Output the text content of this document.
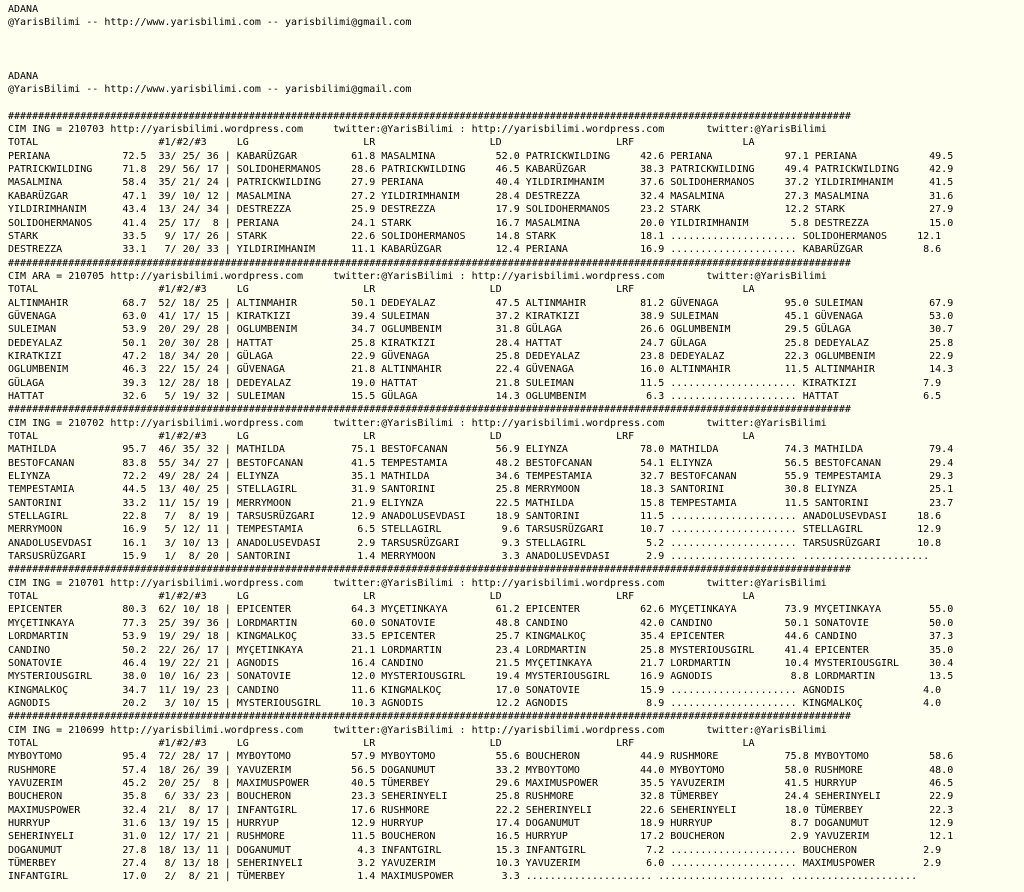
ADANA
@YarisBilimi -- http://www.yarisbilimi.com -- yarisbilimi@gmail.com
ADANA
@YarisBilimi -- http://www.yarisbilimi.com -- yarisbilimi@gmail.com
############################################################################################################################################
CIM ING = 210703 http://yarisbilimi.wordpress.com     twitter:@YarisBilimi : http://yarisbilimi.wordpress.com       twitter:@YarisBilimi
TOTAL                    #1/#2/#3     LG                   LR                   LD                   LRF                  LA
PERIANA            72.5  33/ 25/ 36 | KABARÜZGAR         61.8 MASALMINA          52.0 PATRICKWILDING     42.6 PERIANA            97.1 PERIANA            49.5
PATRICKWILDING     71.8  29/ 56/ 17 | SOLIDOHERMANOS     28.6 PATRICKWILDING     46.5 KABARÜZGAR         38.3 PATRICKWILDING     49.4 PATRICKWILDING     42.9
MASALMINA          58.4  35/ 21/ 24 | PATRICKWILDING     27.9 PERIANA            40.4 YILDIRIMHANIM      37.6 SOLIDOHERMANOS     37.2 YILDIRIMHANIM      41.5
KABARÜZGAR         47.1  39/ 10/ 12 | MASALMINA          27.2 YILDIRIMHANIM      28.4 DESTREZZA          32.4 MASALMINA          27.3 MASALMINA          31.6
YILDIRIMHANIM      43.4  13/ 24/ 34 | DESTREZZA          25.9 DESTREZZA          17.9 SOLIDOHERMANOS     23.2 STARK              12.2 STARK              27.9
SOLIDOHERMANOS     41.4  25/ 17/  8 | PERIANA            24.1 STARK              16.7 MASALMINA          20.0 YILDIRIMHANIM       5.8 DESTREZZA          15.0
STARK              33.5   9/ 17/ 26 | STARK              22.6 SOLIDOHERMANOS     14.8 STARK              18.1 ..................... SOLIDOHERMANOS     12.1
DESTREZZA          33.1   7/ 20/ 33 | YILDIRIMHANIM      11.1 KABARÜZGAR         12.4 PERIANA            16.9 ..................... KABARÜZGAR          8.6
############################################################################################################################################
CIM ARA = 210705 http://yarisbilimi.wordpress.com     twitter:@YarisBilimi : http://yarisbilimi.wordpress.com       twitter:@YarisBilimi
TOTAL                    #1/#2/#3     LG                   LR                   LD                   LRF                  LA
ALTINMAHIR         68.7  52/ 18/ 25 | ALTINMAHIR         50.1 DEDEYALAZ          47.5 ALTINMAHIR         81.2 GÜVENAGA           95.0 SULEIMAN           67.9
GÜVENAGA           63.0  41/ 17/ 15 | KIRATKIZI          39.4 SULEIMAN           37.2 KIRATKIZI          38.9 SULEIMAN           45.1 GÜVENAGA           53.0
SULEIMAN           53.9  20/ 29/ 28 | OGLUMBENIM         34.7 OGLUMBENIM         31.8 GÜLAGA             26.6 OGLUMBENIM         29.5 GÜLAGA             30.7
DEDEYALAZ          50.1  20/ 30/ 28 | HATTAT             25.8 KIRATKIZI          28.4 HATTAT             24.7 GÜLAGA             25.8 DEDEYALAZ          25.8
KIRATKIZI          47.2  18/ 34/ 20 | GÜLAGA             22.9 GÜVENAGA           25.8 DEDEYALAZ          23.8 DEDEYALAZ          22.3 OGLUMBENIM         22.9
OGLUMBENIM         46.3  22/ 15/ 24 | GÜVENAGA           21.8 ALTINMAHIR         22.4 GÜVENAGA           16.0 ALTINMAHIR         11.5 ALTINMAHIR         14.3
GÜLAGA             39.3  12/ 28/ 18 | DEDEYALAZ          19.0 HATTAT             21.8 SULEIMAN           11.5 ..................... KIRATKIZI           7.9
HATTAT             32.6   5/ 19/ 32 | SULEIMAN           15.5 GÜLAGA             14.3 OGLUMBENIM          6.3 ..................... HATTAT              6.5
############################################################################################################################################
CIM ING = 210702 http://yarisbilimi.wordpress.com     twitter:@YarisBilimi : http://yarisbilimi.wordpress.com       twitter:@YarisBilimi
TOTAL                    #1/#2/#3     LG                   LR                   LD                   LRF                  LA
MATHILDA           95.7  46/ 35/ 32 | MATHILDA           75.1 BESTOFCANAN        56.9 ELIYNZA            78.0 MATHILDA           74.3 MATHILDA           79.4
BESTOFCANAN        83.8  55/ 34/ 27 | BESTOFCANAN        41.5 TEMPESTAMIA        48.2 BESTOFCANAN        54.1 ELIYNZA            56.5 BESTOFCANAN        29.4
ELIYNZA            72.2  49/ 28/ 24 | ELIYNZA            35.1 MATHILDA           34.6 TEMPESTAMIA        32.7 BESTOFCANAN        55.9 TEMPESTAMIA        29.3
TEMPESTAMIA        44.5  13/ 40/ 25 | STELLAGIRL         31.9 SANTORINI          25.8 MERRYMOON          18.3 SANTORINI          30.8 ELIYNZA            25.1
SANTORINI          33.2  11/ 15/ 19 | MERRYMOON          21.9 ELIYNZA            22.5 MATHILDA           15.8 TEMPESTAMIA        11.5 SANTORINI          23.7
STELLAGIRL         22.8   7/  8/ 19 | TARSUSRÜZGARI      12.9 ANADOLUSEVDASI     18.9 SANTORINI          11.5 ..................... ANADOLUSEVDASI     18.6
MERRYMOON          16.9   5/ 12/ 11 | TEMPESTAMIA         6.5 STELLAGIRL          9.6 TARSUSRÜZGARI      10.7 ..................... STELLAGIRL         12.9
ANADOLUSEVDASI     16.1   3/ 10/ 13 | ANADOLUSEVDASI      2.9 TARSUSRÜZGARI       9.3 STELLAGIRL          5.2 ..................... TARSUSRÜZGARI      10.8
TARSUSRÜZGARI      15.9   1/  8/ 20 | SANTORINI           1.4 MERRYMOON           3.3 ANADOLUSEVDASI      2.9 ..................... .....................
############################################################################################################################################
CIM ING = 210701 http://yarisbilimi.wordpress.com     twitter:@YarisBilimi : http://yarisbilimi.wordpress.com       twitter:@YarisBilimi
TOTAL                    #1/#2/#3     LG                   LR                   LD                   LRF                  LA
EPICENTER          80.3  62/ 10/ 18 | EPICENTER          64.3 MYÇETINKAYA        61.2 EPICENTER          62.6 MYÇETINKAYA        73.9 MYÇETINKAYA        55.0
MYÇETINKAYA        77.3  25/ 39/ 36 | LORDMARTIN         60.0 SONATOVIE          48.8 CANDINO            42.0 CANDINO            50.1 SONATOVIE          50.0
LORDMARTIN         53.9  19/ 29/ 18 | KINGMALKOÇ         33.5 EPICENTER          25.7 KINGMALKOÇ         35.4 EPICENTER          44.6 CANDINO            37.3
CANDINO            50.2  22/ 26/ 17 | MYÇETINKAYA        21.1 LORDMARTIN         23.4 LORDMARTIN         25.8 MYSTERIOUSGIRL     41.4 EPICENTER          35.0
SONATOVIE          46.4  19/ 22/ 21 | AGNODIS            16.4 CANDINO            21.5 MYÇETINKAYA        21.7 LORDMARTIN         10.4 MYSTERIOUSGIRL     30.4
MYSTERIOUSGIRL     38.0  10/ 16/ 23 | SONATOVIE          12.0 MYSTERIOUSGIRL     19.4 MYSTERIOUSGIRL     16.9 AGNODIS             8.8 LORDMARTIN         13.5
KINGMALKOÇ         34.7  11/ 19/ 23 | CANDINO            11.6 KINGMALKOÇ         17.0 SONATOVIE          15.9 ..................... AGNODIS             4.0
AGNODIS            20.2   3/ 10/ 15 | MYSTERIOUSGIRL     10.3 AGNODIS            12.2 AGNODIS             8.9 ..................... KINGMALKOÇ          4.0
############################################################################################################################################
CIM ING = 210699 http://yarisbilimi.wordpress.com     twitter:@YarisBilimi : http://yarisbilimi.wordpress.com       twitter:@YarisBilimi
TOTAL                    #1/#2/#3     LG                   LR                   LD                   LRF                  LA
MYBOYTOMO          95.4  72/ 28/ 17 | MYBOYTOMO          57.9 MYBOYTOMO          55.6 BOUCHERON          44.9 RUSHMORE           75.8 MYBOYTOMO          58.6
RUSHMORE           57.4  18/ 26/ 39 | YAVUZERIM          56.5 DOGANUMUT          33.2 MYBOYTOMO          44.0 MYBOYTOMO          58.0 RUSHMORE           48.0
YAVUZERIM          45.2  20/ 25/  8 | MAXIMUSPOWER       40.5 TÜMERBEY           29.6 MAXIMUSPOWER       35.5 YAVUZERIM          41.5 HURRYUP            46.5
BOUCHERON          35.8   6/ 33/ 23 | BOUCHERON          23.3 SEHERINYELI        25.8 RUSHMORE           32.8 TÜMERBEY           24.4 SEHERINYELI        22.9
MAXIMUSPOWER       32.4  21/  8/ 17 | INFANTGIRL         17.6 RUSHMORE           22.2 SEHERINYELI        22.6 SEHERINYELI        18.0 TÜMERBEY           22.3
HURRYUP            31.6  13/ 19/ 15 | HURRYUP            12.9 HURRYUP            17.4 DOGANUMUT          18.9 HURRYUP             8.7 DOGANUMUT          12.9
SEHERINYELI        31.0  12/ 17/ 21 | RUSHMORE           11.5 BOUCHERON          16.5 HURRYUP            17.2 BOUCHERON           2.9 YAVUZERIM          12.1
DOGANUMUT          27.8  18/ 13/ 11 | DOGANUMUT           4.3 INFANTGIRL         15.3 INFANTGIRL          7.2 ..................... BOUCHERON           2.9
TÜMERBEY           27.4   8/ 13/ 18 | SEHERINYELI         3.2 YAVUZERIM          10.3 YAVUZERIM           6.0 ..................... MAXIMUSPOWER        2.9
INFANTGIRL         17.0   2/  8/ 21 | TÜMERBEY            1.4 MAXIMUSPOWER        3.3 ..................... ..................... .....................
